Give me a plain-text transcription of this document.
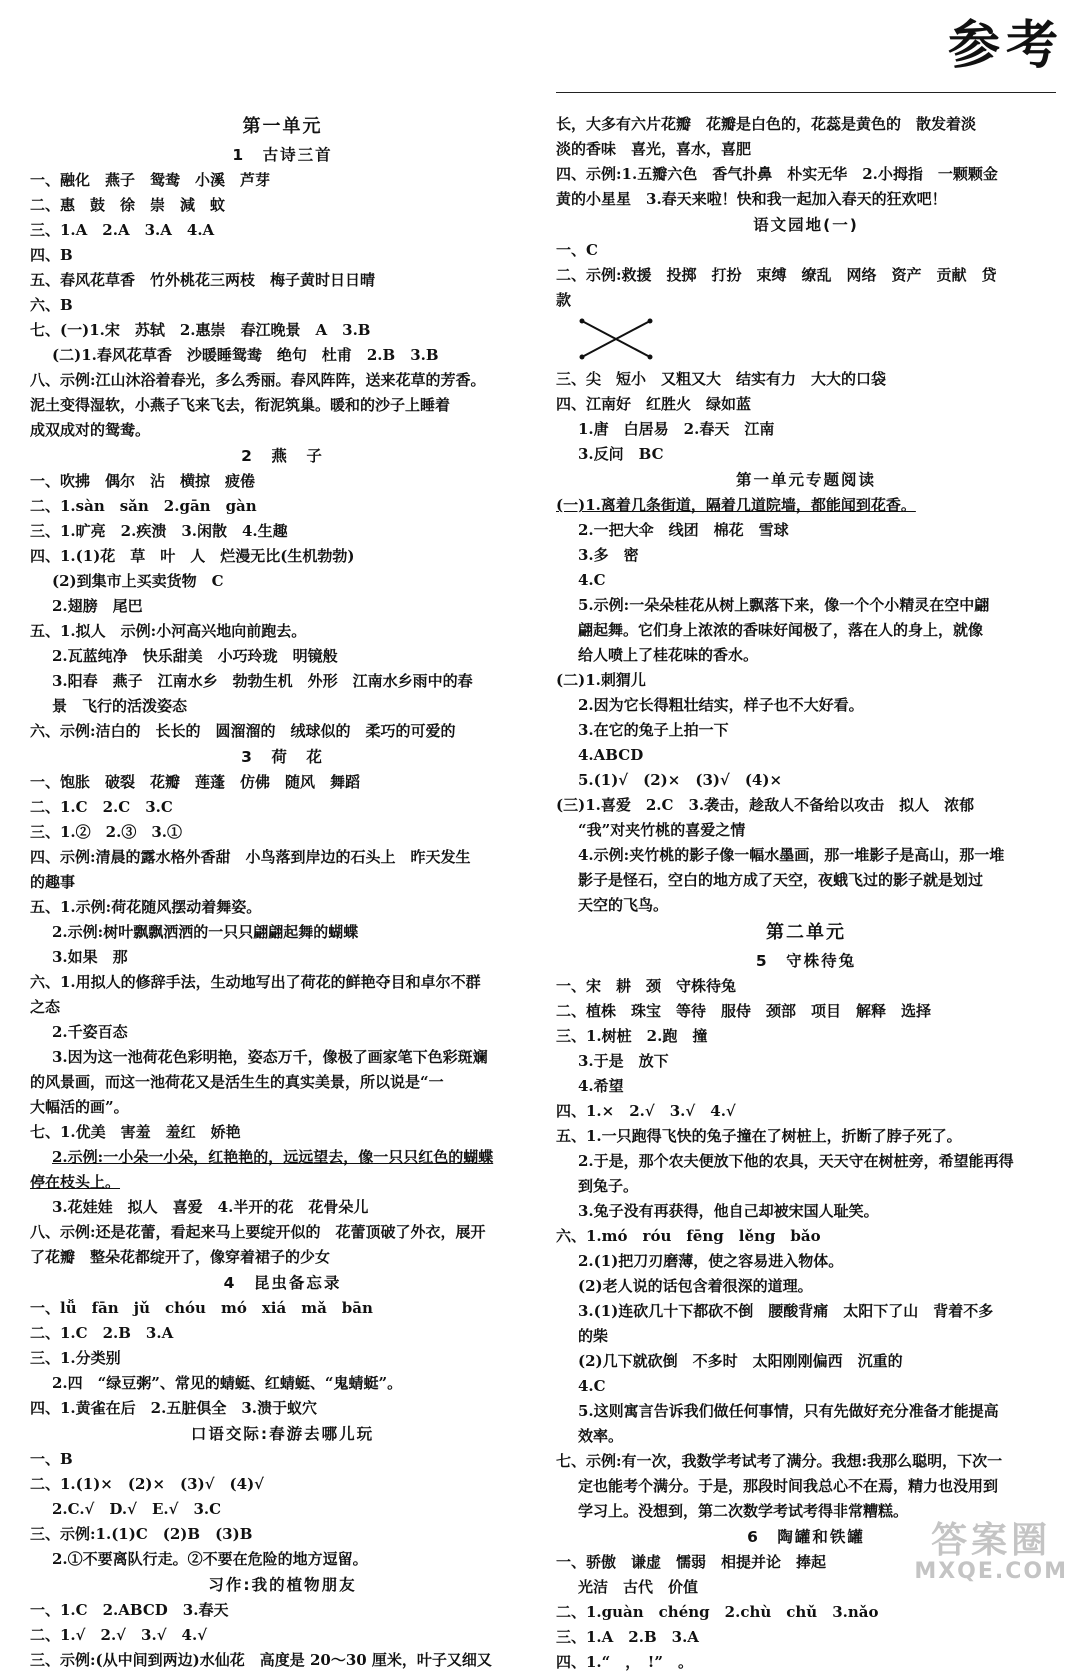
参考
第一单元
1　古诗三首
一、融化　燕子　鸳鸯　小溪　芦芽
二、惠　鼓　徐　崇　減　蚊
三、1.A　2.A　3.A　4.A
四、B
五、春风花草香　竹外桃花三两枝　梅子黄时日日晴
六、B
七、(一)1.宋　苏轼　2.惠崇　春江晚景　A　3.B
(二)1.春风花草香　沙暖睡鸳鸯　绝句　杜甫　2.B　3.B
八、示例:江山沐浴着春光，多么秀丽。春风阵阵，送来花草的芳香。
泥土变得湿软，小燕子飞来飞去，衔泥筑巢。暖和的沙子上睡着
成双成对的鸳鸯。
2　燕　子
一、吹拂　偶尔　沾　横掠　疲倦
二、1.sàn　sǎn　2.gān　gàn
三、1.旷亮　2.疾溃　3.闲散　4.生趣
四、1.(1)花　草　叶　人　烂漫无比(生机勃勃)
(2)到集市上买卖货物　C
2.翅膀　尾巴
五、1.拟人　示例:小河高兴地向前跑去。
2.瓦蓝纯净　快乐甜美　小巧玲珑　明镜般
3.阳春　燕子　江南水乡　勃勃生机　外形　江南水乡雨中的春
景　飞行的活泼姿态
六、示例:洁白的　长长的　圆溜溜的　绒球似的　柔巧的可爱的
3　荷　花
一、饱胀　破裂　花瓣　莲蓬　仿佛　随风　舞蹈
二、1.C　2.C　3.C
三、1.②　2.③　3.①
四、示例:清晨的露水格外香甜　小鸟落到岸边的石头上　昨天发生
的趣事
五、1.示例:荷花随风摆动着舞姿。
2.示例:树叶飘飘洒洒的一只只翩翩起舞的蝴蝶
3.如果　那
六、1.用拟人的修辞手法，生动地写出了荷花的鲜艳夺目和卓尔不群
之态
2.千姿百态
3.因为这一池荷花色彩明艳，姿态万千，像极了画家笔下色彩斑斓
的风景画，而这一池荷花又是活生生的真实美景，所以说是“一
大幅活的画”。
七、1.优美　害羞　羞红　娇艳
2.示例:一小朵一小朵，红艳艳的，远远望去，像一只只红色的蝴蝶
停在枝头上。
3.花娃娃　拟人　喜爱　4.半开的花　花骨朵儿
八、示例:还是花蕾，看起来马上要绽开似的　花蕾顶破了外衣，展开
了花瓣　整朵花都绽开了，像穿着裙子的少女
4　昆虫备忘录
一、lǚ　fān　jǔ　chóu　mó　xiá　mǎ　bān
二、1.C　2.B　3.A
三、1.分类别
2.四　“绿豆粥”、常见的蜻蜓、红蜻蜓、“鬼蜻蜓”。
四、1.黄雀在后　2.五脏俱全　3.溃于蚁穴
口语交际:春游去哪儿玩
一、B
二、1.(1)×　(2)×　(3)√　(4)√
2.C.√　D.√　E.√　3.C
三、示例:1.(1)C　(2)B　(3)B
2.①不要离队行走。②不要在危险的地方逗留。
习作:我的植物朋友
一、1.C　2.ABCD　3.春天
二、1.√　2.√　3.√　4.√
三、示例:(从中间到两边)水仙花　高度是 20～30 厘米，叶子又细又
长，大多有六片花瓣　花瓣是白色的，花蕊是黄色的　散发着淡
淡的香味　喜光，喜水，喜肥
四、示例:1.五瓣六色　香气扑鼻　朴实无华　2.小拇指　一颗颗金
黄的小星星　3.春天来啦！快和我一起加入春天的狂欢吧！
语文园地(一)
一、C
二、示例:救援　投掷　打扮　束缚　缭乱　网络　资产　贡献　贷
款
三、尖　短小　又粗又大　结实有力　大大的口袋
四、江南好　红胜火　绿如蓝
1.唐　白居易　2.春天　江南
3.反问　BC
第一单元专题阅读
(一)1.离着几条街道，隔着几道院墙，都能闻到花香。
2.一把大伞　线团　棉花　雪球
3.多　密
4.C
5.示例:一朵朵桂花从树上飘落下来，像一个个小精灵在空中翩
翩起舞。它们身上浓浓的香味好闻极了，落在人的身上，就像
给人喷上了桂花味的香水。
(二)1.刺猬儿
2.因为它长得粗壮结实，样子也不大好看。
3.在它的兔子上拍一下
4.ABCD
5.(1)√　(2)×　(3)√　(4)×
(三)1.喜爱　2.C　3.袭击，趁敌人不备给以攻击　拟人　浓郁
“我”对夹竹桃的喜爱之情
4.示例:夹竹桃的影子像一幅水墨画，那一堆影子是高山，那一堆
影子是怪石，空白的地方成了天空，夜蛾飞过的影子就是划过
天空的飞鸟。
第二单元
5　守株待兔
一、宋　耕　颈　守株待兔
二、植株　珠宝　等待　服侍　颈部　项目　解释　选择
三、1.树桩　2.跑　撞
3.于是　放下
4.希望
四、1.×　2.√　3.√　4.√
五、1.一只跑得飞快的兔子撞在了树桩上，折断了脖子死了。
2.于是，那个农夫便放下他的农具，天天守在树桩旁，希望能再得
到兔子。
3.兔子没有再获得，他自己却被宋国人耻笑。
六、1.mó　róu　fēng　lěng　bǎo
2.(1)把刀刃磨薄，使之容易进入物体。
(2)老人说的话包含着很深的道理。
3.(1)连砍几十下都砍不倒　腰酸背痛　太阳下了山　背着不多
的柴
(2)几下就砍倒　不多时　太阳刚刚偏西　沉重的
4.C
5.这则寓言告诉我们做任何事情，只有先做好充分准备才能提高
效率。
七、示例:有一次，我数学考试考了满分。我想:我那么聪明，下次一
定也能考个满分。于是，那段时间我总心不在焉，精力也没用到
学习上。没想到，第二次数学考试考得非常糟糕。
6　陶罐和铁罐
一、骄傲　谦虚　懦弱　相提并论　捧起
光洁　古代　价值
二、1.guàn　chéng　2.chù　chǔ　3.nǎo
三、1.A　2.B　3.A
四、1.“　，　!”　。
答案圈
MXQE.COM
